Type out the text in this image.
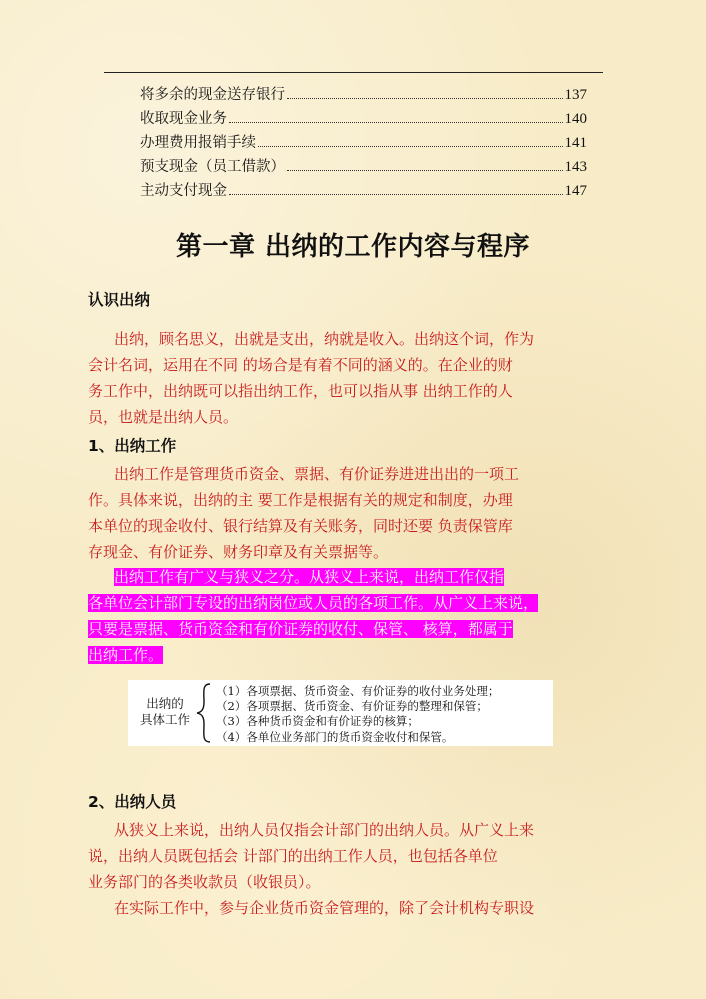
将多余的现金送存银行	137
收取现金业务	140
办理费用报销手续	141
预支现金（员工借款）	143
主动支付现金	147
第一章 出纳的工作内容与程序
认识出纳
出纳，顾名思义，出就是支出，纳就是收入。出纳这个词，作为
会计名词，运用在不同 的场合是有着不同的涵义的。在企业的财
务工作中，出纳既可以指出纳工作，也可以指从事 出纳工作的人
员，也就是出纳人员。
1、出纳工作
出纳工作是管理货币资金、票据、有价证券进进出出的一项工
作。具体来说，出纳的主 要工作是根据有关的规定和制度，办理
本单位的现金收付、银行结算及有关账务，同时还要 负责保管库
存现金、有价证券、财务印章及有关票据等。
出纳工作有广义与狭义之分。从狭义上来说，出纳工作仅指
各单位会计部门专设的出纳岗位或人员的各项工作。从广义上来说，
只要是票据、货币资金和有价证券的收付、保管、 核算，都属于
出纳工作。
出纳的
具体工作
（1）各项票据、货币资金、有价证券的收付业务处理；
（2）各项票据、货币资金、有价证券的整理和保管；
（3）各种货币资金和有价证券的核算；
（4）各单位业务部门的货币资金收付和保管。
2、出纳人员
从狭义上来说，出纳人员仅指会计部门的出纳人员。从广义上来
说，出纳人员既包括会 计部门的出纳工作人员，也包括各单位
业务部门的各类收款员（收银员）。
在实际工作中，参与企业货币资金管理的，除了会计机构专职设
